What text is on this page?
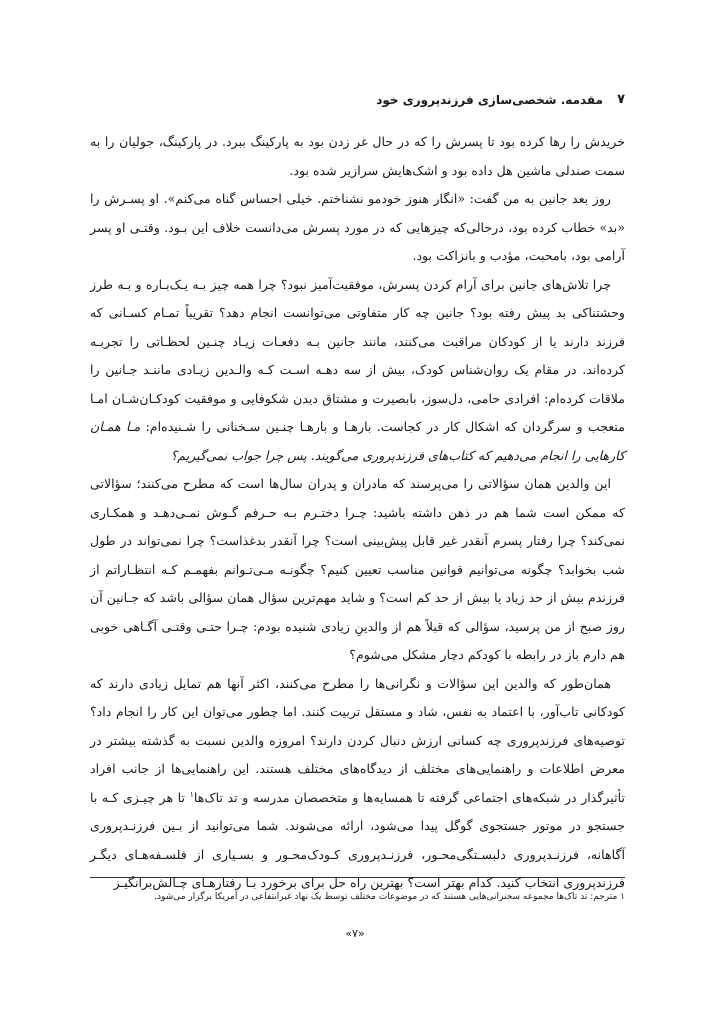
۷
مقدمه. شخصی‌سازی فرزندپروری خود

خریدش را رها کرده بود تا پسرش را که در حال غر زدن بود به پارکینگ ببرد. در پارکینگ، جولیان را به سمت صندلی ماشین هل داده بود و اشک‌هایش سرازیر شده بود.

روز بعد جانین به من گفت: «انگار هنوز خودمو نشناختم. خیلی احساس گناه می‌کنم». او پسـرش را «بد» خطاب کرده بود، درحالی‌که چیزهایی که در مورد پسرش می‌دانست خلاف این بـود. وقتـی او پسر آرامی بود، بامحبت، مؤدب و بانزاکت بود.

چرا تلاش‌های جانین برای آرام کردن پسرش، موفقیت‌آمیز نبود؟ چرا همه چیز بـه یـک‌بـاره و بـه طرز وحشتناکی بد پیش رفته بود؟ جانین چه کار متفاوتی می‌توانست انجام دهد؟ تقریباً تمـام کسـانی که فرزند دارند یا از کودکان مراقبت می‌کنند، مانند جانین بـه دفعـات زیـاد چنـین لحظـاتی را تجربـه کرده‌اند. در مقام یک روان‌شناس کودک، بیش از سه دهـه اسـت کـه والـدین زیـادی ماننـد جـانین را ملاقات کرده‌ام: افرادی حامی، دل‌سوز، بابصیرت و مشتاق دیدن شکوفایی و موفقیت کودکـان‌شـان امـا متعجب و سرگردان که اشکال کار در کجاست. بارهـا و بارهـا چنـین سـخنانی را شـنیده‌ام: مـا همـان کارهایی را انجام می‌دهیم که کتاب‌های فرزندپروری می‌گویند. پس چرا جواب نمی‌گیریم؟

این والدین همان سؤالاتی را می‌پرسند که مادران و پدران سال‌ها است که مطرح می‌کنند؛ سؤالاتی که ممکن است شما هم در ذهن داشته باشید: چـرا دختـرم بـه حـرفم گـوش نمـی‌دهـد و همکـاری نمی‌کند؟ چرا رفتار پسرم آنقدر غیر قابل پیش‌بینی است؟ چرا آنقدر بدغذاست؟ چرا نمی‌تواند در طول شب بخوابد؟ چگونه می‌توانیم قوانین مناسب تعیین کنیم؟ چگونـه مـی‌تـوانم بفهمـم کـه انتظـاراتم از فرزندم بیش از حد زیاد یا بیش از حد کم است؟ و شاید مهم‌ترین سؤال همان سؤالی باشد که جـانین آن روز صبح از من پرسید، سؤالی که قبلاً هم از والدینِ زیادی شنیده بودم: چـرا حتـی وقتـی آگـاهی خوبی هم دارم باز در رابطه با کودکم دچار مشکل می‌شوم؟

همان‌طور که والدین این سؤالات و نگرانی‌ها را مطرح می‌کنند، اکثر آنها هم تمایل زیادی دارند که کودکانی تاب‌آور، با اعتماد به نفس، شاد و مستقل تربیت کنند. اما چطور می‌توان این کار را انجام داد؟ توصیه‌های فرزندپروری چه کسانی ارزش دنبال کردن دارند؟ امروزه والدین نسبت به گذشته بیشتر در معرض اطلاعات و راهنمایی‌های مختلف از دیدگاه‌های مختلف هستند. این راهنمایی‌ها از جانب افراد تأثیرگذار در شبکه‌های اجتماعی گرفته تا همسایه‌ها و متخصصان مدرسه و تد تاک‌ها$^۱$ تا هر چیـزی کـه با جستجو در موتور جستجوی گوگل پیدا می‌شود، ارائه می‌شوند. شما می‌توانید از بـین فرزنـدپروری آگاهانه، فرزنـدپروری دلبسـتگی‌محـور، فرزنـدپروری کـودک‌محـور و بسـیاری از فلسـفه‌هـای دیگـر فرزندپروری انتخاب کنید. کدام بهتر است؟ بهترین راه حل برای برخورد بـا رفتارهـای چـالش‌برانگیـز

۱ مترجم: تد تاک‌ها مجموعه سخنرانی‌هایی هستند که در موضوعات مختلف توسط یک نهاد غیرانتفاعی در آمریکا برگزار می‌شود.
«۷»
